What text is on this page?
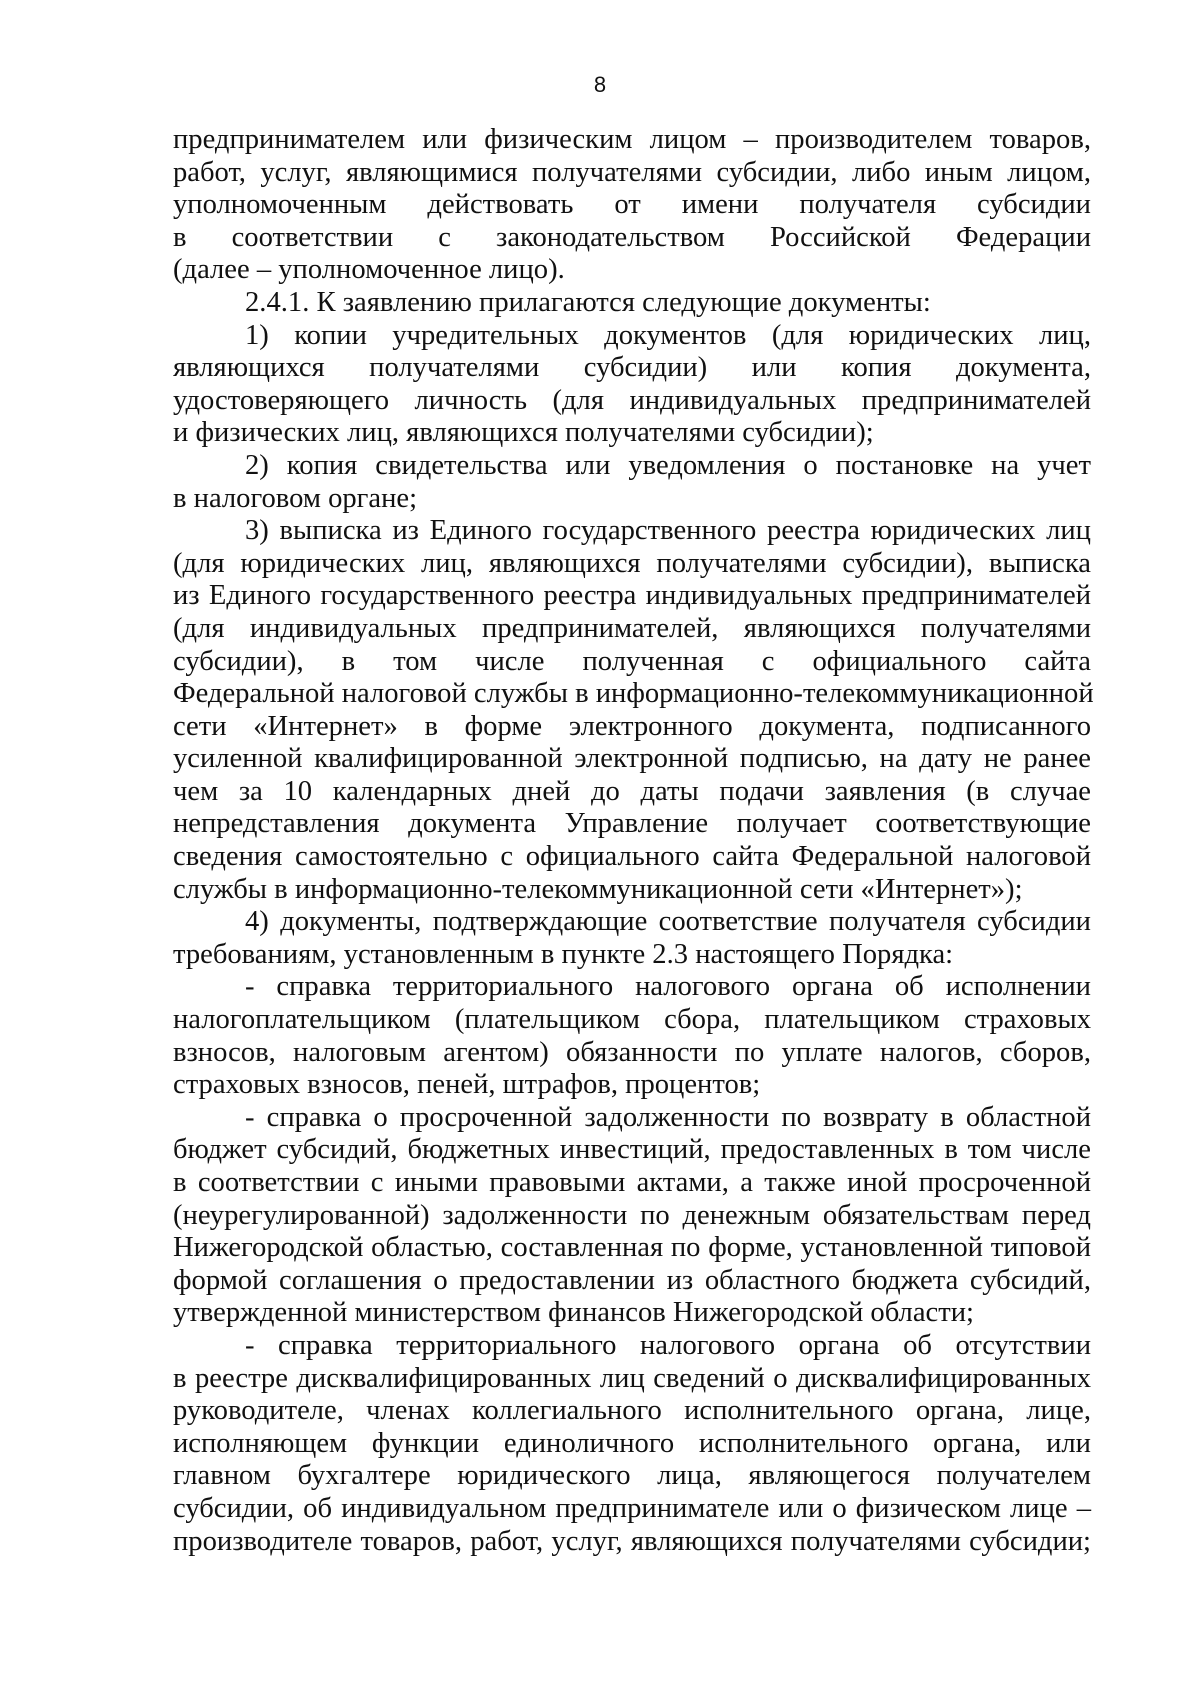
8
предпринимателем или физическим лицом – производителем товаров,
работ, услуг, являющимися получателями субсидии, либо иным лицом,
уполномоченным действовать от имени получателя субсидии
в соответствии с законодательством Российской Федерации
(далее – уполномоченное лицо).
2.4.1. К заявлению прилагаются следующие документы:
1) копии учредительных документов (для юридических лиц,
являющихся получателями субсидии) или копия документа,
удостоверяющего личность (для индивидуальных предпринимателей
и физических лиц, являющихся получателями субсидии);
2) копия свидетельства или уведомления о постановке на учет
в налоговом органе;
3) выписка из Единого государственного реестра юридических лиц
(для юридических лиц, являющихся получателями субсидии), выписка
из Единого государственного реестра индивидуальных предпринимателей
(для индивидуальных предпринимателей, являющихся получателями
субсидии), в том числе полученная с официального сайта
Федеральной налоговой службы в информационно-телекоммуникационной
сети «Интернет» в форме электронного документа, подписанного
усиленной квалифицированной электронной подписью, на дату не ранее
чем за 10 календарных дней до даты подачи заявления (в случае
непредставления документа Управление получает соответствующие
сведения самостоятельно с официального сайта Федеральной налоговой
службы в информационно-телекоммуникационной сети «Интернет»);
4) документы, подтверждающие соответствие получателя субсидии
требованиям, установленным в пункте 2.3 настоящего Порядка:
- справка территориального налогового органа об исполнении
налогоплательщиком (плательщиком сбора, плательщиком страховых
взносов, налоговым агентом) обязанности по уплате налогов, сборов,
страховых взносов, пеней, штрафов, процентов;
- справка о просроченной задолженности по возврату в областной
бюджет субсидий, бюджетных инвестиций, предоставленных в том числе
в соответствии с иными правовыми актами, а также иной просроченной
(неурегулированной) задолженности по денежным обязательствам перед
Нижегородской областью, составленная по форме, установленной типовой
формой соглашения о предоставлении из областного бюджета субсидий,
утвержденной министерством финансов Нижегородской области;
- справка территориального налогового органа об отсутствии
в реестре дисквалифицированных лиц сведений о дисквалифицированных
руководителе, членах коллегиального исполнительного органа, лице,
исполняющем функции единоличного исполнительного органа, или
главном бухгалтере юридического лица, являющегося получателем
субсидии, об индивидуальном предпринимателе или о физическом лице –
производителе товаров, работ, услуг, являющихся получателями субсидии;
